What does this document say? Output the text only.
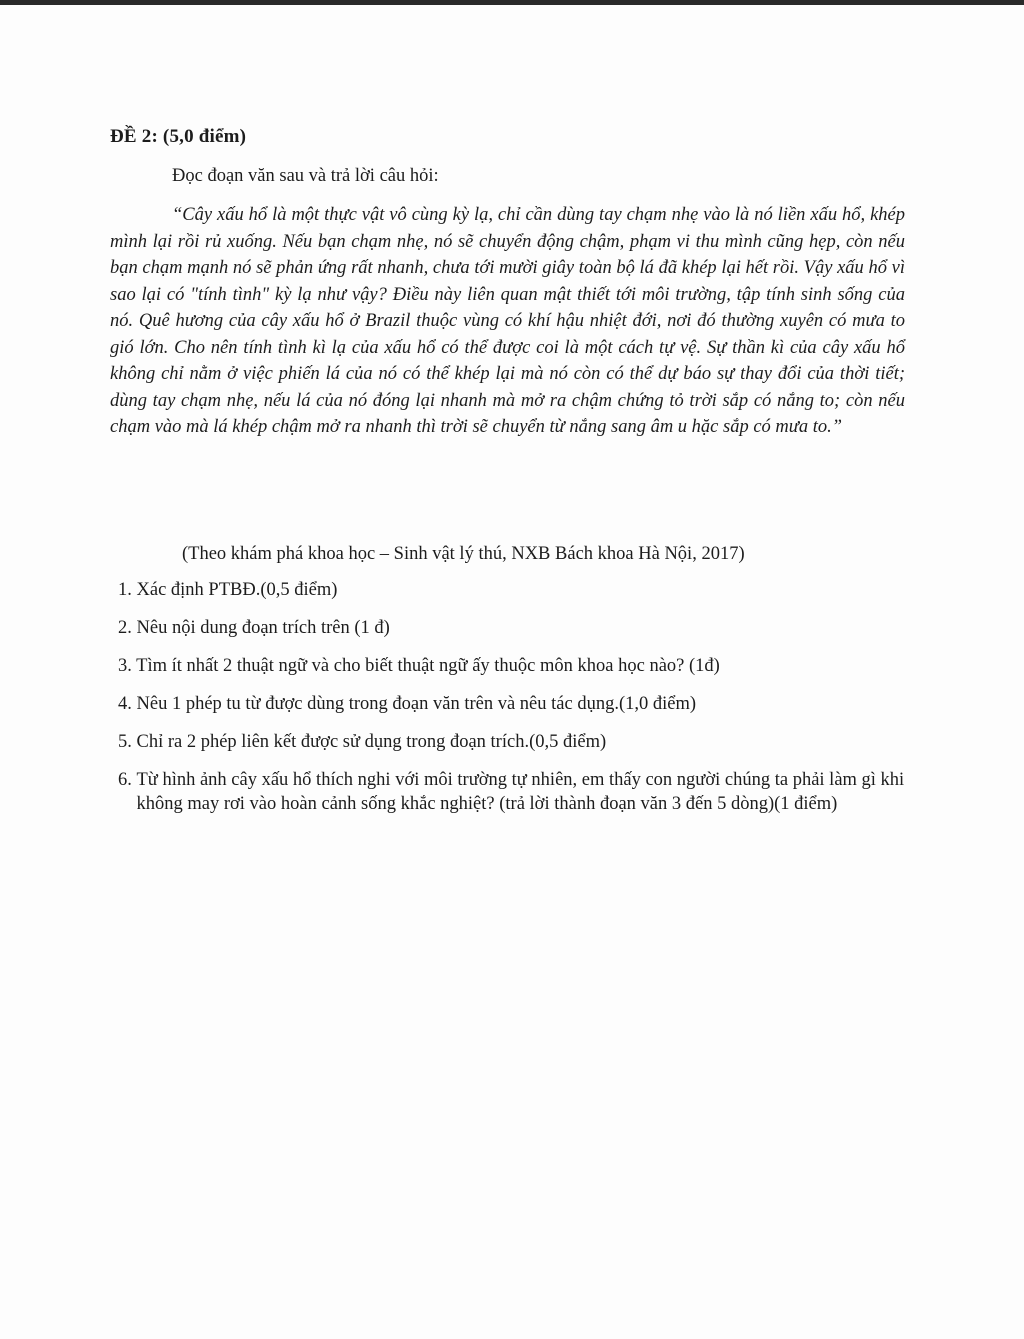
ĐỀ 2: (5,0 điểm)
Đọc đoạn văn sau và trả lời câu hỏi:
“Cây xấu hổ là một thực vật vô cùng kỳ lạ, chỉ cần dùng tay chạm nhẹ vào là nó liền xấu hổ, khép mình lại rồi rủ xuống. Nếu bạn chạm nhẹ, nó sẽ chuyển động chậm, phạm vi thu mình cũng hẹp, còn nếu bạn chạm mạnh nó sẽ phản ứng rất nhanh, chưa tới mười giây toàn bộ lá đã khép lại hết rồi. Vậy xấu hổ vì sao lại có "tính tình" kỳ lạ như vậy? Điều này liên quan mật thiết tới môi trường, tập tính sinh sống của nó. Quê hương của cây xấu hổ ở Brazil thuộc vùng có khí hậu nhiệt đới, nơi đó thường xuyên có mưa to gió lớn. Cho nên tính tình kì lạ của xấu hổ có thể được coi là một cách tự vệ. Sự thần kì của cây xấu hổ không chỉ nằm ở việc phiến lá của nó có thể khép lại mà nó còn có thể dự báo sự thay đổi của thời tiết; dùng tay chạm nhẹ, nếu lá của nó đóng lại nhanh mà mở ra chậm chứng tỏ trời sắp có nắng to; còn nếu chạm vào mà lá khép chậm mở ra nhanh thì trời sẽ chuyển từ nắng sang âm u hặc sắp có mưa to.”
(Theo khám phá khoa học – Sinh vật lý thú, NXB Bách khoa Hà Nội, 2017)
1. Xác định PTBĐ.(0,5 điểm)
2. Nêu nội dung đoạn trích trên (1 đ)
3. Tìm ít nhất 2 thuật ngữ và cho biết thuật ngữ ấy thuộc môn khoa học nào? (1đ)
4. Nêu 1 phép tu từ được dùng trong đoạn văn trên và nêu tác dụng.(1,0 điểm)
5. Chỉ ra 2 phép liên kết được sử dụng trong đoạn trích.(0,5 điểm)
6. Từ hình ảnh cây xấu hổ thích nghi với môi trường tự nhiên, em thấy con người chúng ta phải làm gì khi không may rơi vào hoàn cảnh sống khắc nghiệt? (trả lời thành đoạn văn 3 đến 5 dòng)(1 điểm)
